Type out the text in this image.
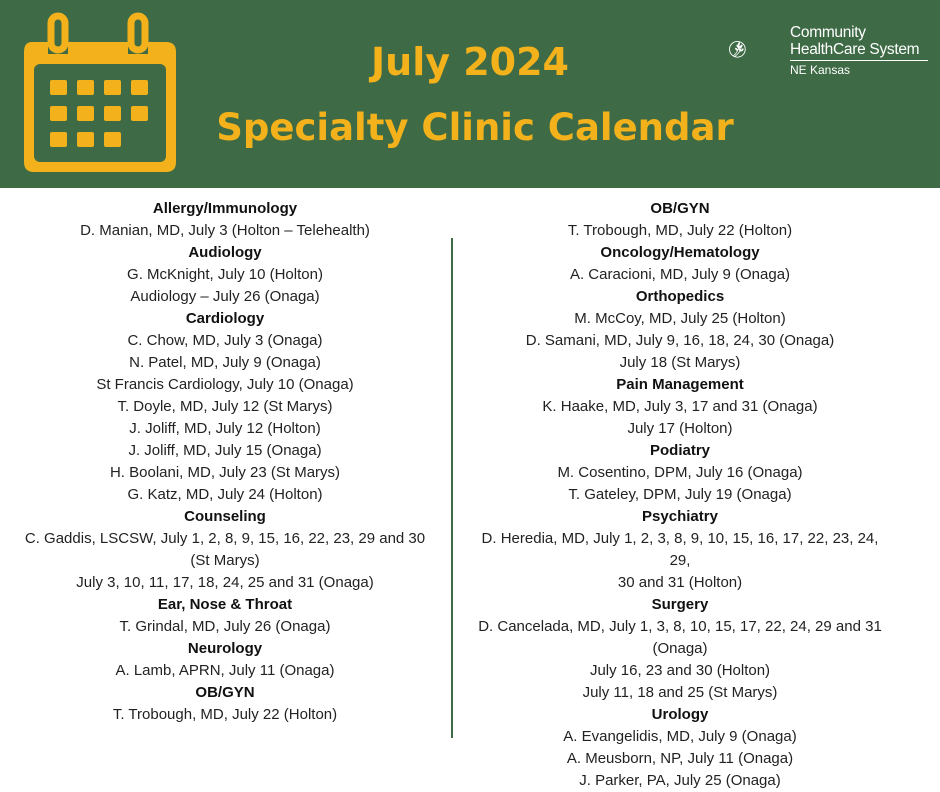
July 2024
Specialty Clinic Calendar
Community
HealthCare System
NE Kansas
Allergy/Immunology
D. Manian, MD, July 3 (Holton – Telehealth)
Audiology
G. McKnight, July 10 (Holton)
Audiology – July 26 (Onaga)
Cardiology
C. Chow, MD, July 3 (Onaga)
N. Patel, MD, July 9 (Onaga)
St Francis Cardiology, July 10 (Onaga)
T. Doyle, MD, July 12 (St Marys)
J. Joliff, MD, July 12 (Holton)
J. Joliff, MD, July 15 (Onaga)
H. Boolani, MD, July 23 (St Marys)
G. Katz, MD, July 24 (Holton)
Counseling
C. Gaddis, LSCSW, July 1, 2, 8, 9, 15, 16, 22, 23, 29 and 30
(St Marys)
July 3, 10, 11, 17, 18, 24, 25 and 31 (Onaga)
Ear, Nose & Throat
T. Grindal, MD, July 26 (Onaga)
Neurology
A. Lamb, APRN, July 11 (Onaga)
OB/GYN
T. Trobough, MD, July 22 (Holton)
OB/GYN
T. Trobough, MD, July 22 (Holton)
Oncology/Hematology
A. Caracioni, MD, July 9 (Onaga)
Orthopedics
M. McCoy, MD, July 25 (Holton)
D. Samani, MD, July 9, 16, 18, 24, 30 (Onaga)
July 18 (St Marys)
Pain Management
K. Haake, MD, July 3, 17 and 31 (Onaga)
July 17 (Holton)
Podiatry
M. Cosentino, DPM, July 16 (Onaga)
T. Gateley, DPM, July 19 (Onaga)
Psychiatry
D. Heredia, MD, July 1, 2, 3, 8, 9, 10, 15, 16, 17, 22, 23, 24, 29,
30 and 31 (Holton)
Surgery
D. Cancelada, MD, July 1, 3, 8, 10, 15, 17, 22, 24, 29 and 31
(Onaga)
July 16, 23 and 30 (Holton)
July 11, 18 and 25 (St Marys)
Urology
A. Evangelidis, MD, July 9 (Onaga)
A. Meusborn, NP, July 11 (Onaga)
J. Parker, PA, July 25 (Onaga)
